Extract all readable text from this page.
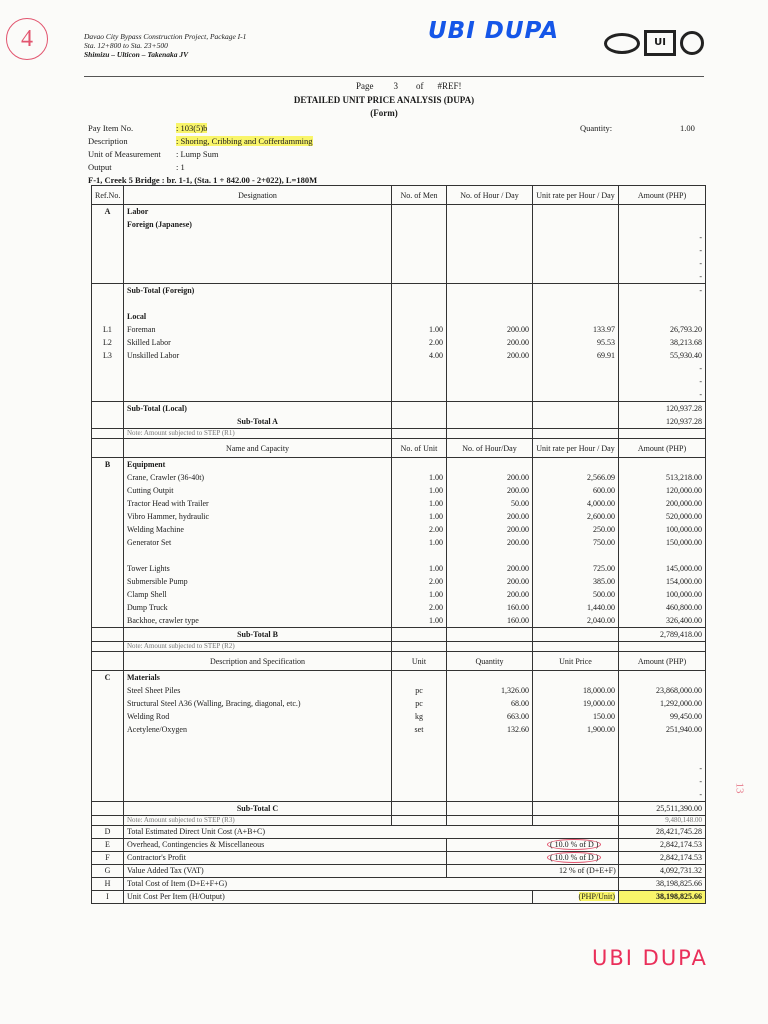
4	Davao City Bypass Construction Project, Package I-1
Sta. 12+800 to Sta. 23+500
Shimizu – Ulticon – Takenaka JV
UBI DUPA	UI
Page 3 of #REF!
DETAILED UNIT PRICE ANALYSIS (DUPA)
(Form)
Pay Item No.	: 103(5)b
Description	: Shoring, Cribbing and Cofferdamming
Unit of Measurement : Lump Sum
Output	: 1
Quantity:	1.00
F-1, Creek 5 Bridge : br. 1-1, (Sta. 1 + 842.00 - 2+022), L=180M
Ref.No.	Designation	No. of Men	No. of Hour / Day	Unit rate per Hour / Day	Amount (PHP)
A	Labor				
	Foreign (Japanese)				
					-
					-
					-
					-
	Sub-Total (Foreign)				-

	Local				
L1	Foreman	1.00	200.00	133.97	26,793.20
L2	Skilled Labor	2.00	200.00	95.53	38,213.68
L3	Unskilled Labor	4.00	200.00	69.91	55,930.40
					-
					-
					-
	Sub-Total (Local)				120,937.28
	Sub-Total A				120,937.28
	Note: Amount subjected to STEP (R1)				
	Name and Capacity	No. of Unit	No. of Hour/Day	Unit rate per Hour / Day	Amount (PHP)
B	Equipment				
	Crane, Crawler (36-40t)	1.00	200.00	2,566.09	513,218.00
	Cutting Outpit	1.00	200.00	600.00	120,000.00
	Tractor Head with Trailer	1.00	50.00	4,000.00	200,000.00
	Vibro Hammer, hydraulic	1.00	200.00	2,600.00	520,000.00
	Welding Machine	2.00	200.00	250.00	100,000.00
	Generator Set	1.00	200.00	750.00	150,000.00

	Tower Lights	1.00	200.00	725.00	145,000.00
	Submersible Pump	2.00	200.00	385.00	154,000.00
	Clamp Shell	1.00	200.00	500.00	100,000.00
	Dump Truck	2.00	160.00	1,440.00	460,800.00
	Backhoe, crawler type	1.00	160.00	2,040.00	326,400.00
	Sub-Total B				2,789,418.00
	Note: Amount subjected to STEP (R2)				
	Description and Specification	Unit	Quantity	Unit Price	Amount (PHP)
C	Materials				
	Steel Sheet Piles	pc	1,326.00	18,000.00	23,868,000.00
	Structural Steel A36 (Walling, Bracing, diagonal, etc.)	pc	68.00	19,000.00	1,292,000.00
	Welding Rod	kg	663.00	150.00	99,450.00
	Acetylene/Oxygen	set	132.60	1,900.00	251,940.00

					-
					-
					-
	Sub-Total C				25,511,390.00
	Note: Amount subjected to STEP (R3)				9,480,148.00
D	Total Estimated Direct Unit Cost (A+B+C)				28,421,745.28
E	Overhead, Contingencies & Miscellaneous		( 10.0 % of D )		2,842,174.53
F	Contractor's Profit		( 10.0 % of D )		2,842,174.53
G	Value Added Tax (VAT)		12 % of (D+E+F)		4,092,731.32
H	Total Cost of Item (D+E+F+G)				38,198,825.66
I	Unit Cost Per Item (H/Output)			(PHP/Unit)	38,198,825.66
UBI DUPA
13
